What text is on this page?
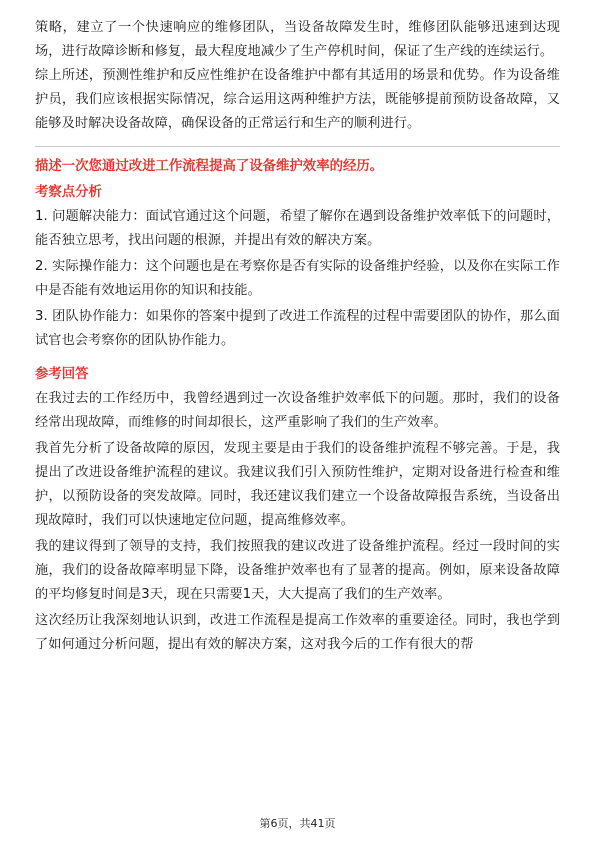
策略，建立了一个快速响应的维修团队，当设备故障发生时，维修团队能够迅速到达现场，进行故障诊断和修复，最大程度地减少了生产停机时间，保证了生产线的连续运行。

综上所述，预测性维护和反应性维护在设备维护中都有其适用的场景和优势。作为设备维护员，我们应该根据实际情况，综合运用这两种维护方法，既能够提前预防设备故障，又能够及时解决设备故障，确保设备的正常运行和生产的顺利进行。

描述一次您通过改进工作流程提高了设备维护效率的经历。

考察点分析

1. 问题解决能力：面试官通过这个问题，希望了解你在遇到设备维护效率低下的问题时，能否独立思考，找出问题的根源，并提出有效的解决方案。

2. 实际操作能力：这个问题也是在考察你是否有实际的设备维护经验，以及你在实际工作中是否能有效地运用你的知识和技能。

3. 团队协作能力：如果你的答案中提到了改进工作流程的过程中需要团队的协作，那么面试官也会考察你的团队协作能力。

参考回答

在我过去的工作经历中，我曾经遇到过一次设备维护效率低下的问题。那时，我们的设备经常出现故障，而维修的时间却很长，这严重影响了我们的生产效率。

我首先分析了设备故障的原因，发现主要是由于我们的设备维护流程不够完善。于是，我提出了改进设备维护流程的建议。我建议我们引入预防性维护，定期对设备进行检查和维护，以预防设备的突发故障。同时，我还建议我们建立一个设备故障报告系统，当设备出现故障时，我们可以快速地定位问题，提高维修效率。

我的建议得到了领导的支持，我们按照我的建议改进了设备维护流程。经过一段时间的实施，我们的设备故障率明显下降，设备维护效率也有了显著的提高。例如，原来设备故障的平均修复时间是3天，现在只需要1天，大大提高了我们的生产效率。

这次经历让我深刻地认识到，改进工作流程是提高工作效率的重要途径。同时，我也学到了如何通过分析问题，提出有效的解决方案，这对我今后的工作有很大的帮

第6页，共41页
